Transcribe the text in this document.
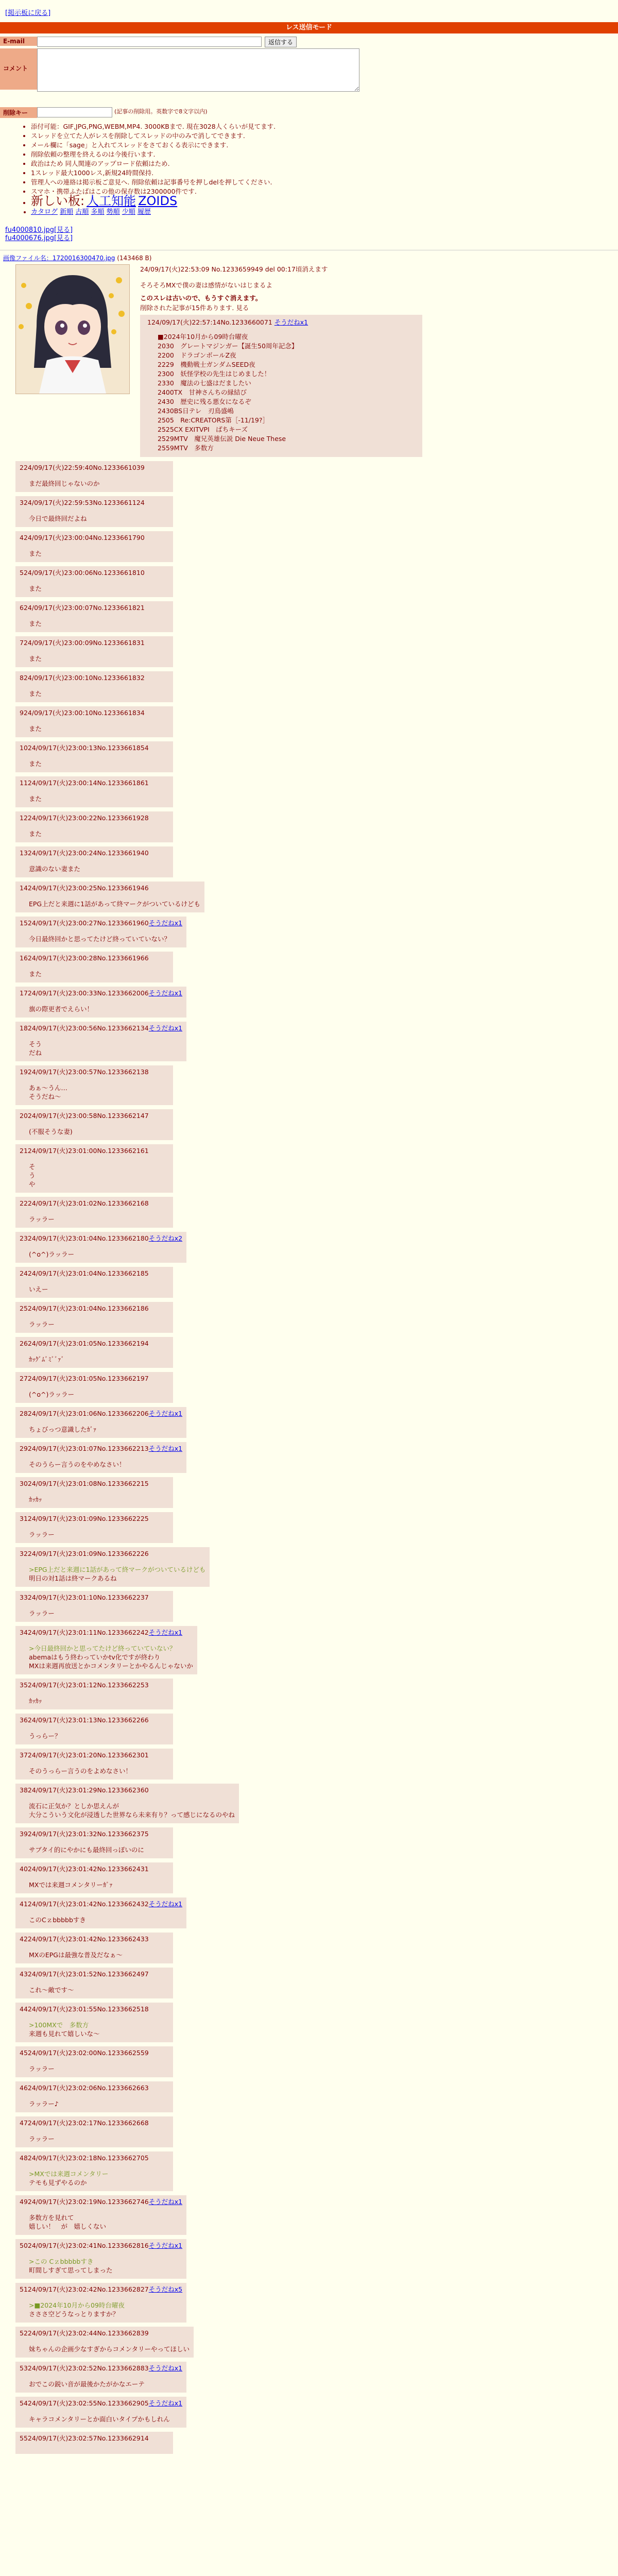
[掲示板に戻る]
レス送信モード
E-mail	返信する
コメント
削除キー	(記事の削除用。英数字で8文字以内)
• 添付可能：GIF,JPG,PNG,WEBM,MP4. 3000KBまで. 現在3028人くらいが見てます.
• スレッドを立てた人がレスを削除してスレッドの中のみで消してできます.
• メール欄に「sage」と入れてスレッドをさておくる表示にできます.
• 削除依頼の整理を終えるのは今後行います.
• 政治はため 同人関連のアップロード依頼はため.
• 1スレッド最大1000レス,新規24時間保持.
• 管理人への連絡は掲示板ご意見へ. 削除依頼は記事番号を押しdelを押してください.
• スマホ・携帯ふたばはこの他の保存数は2300000件です.
• 新しい板: 人工知能 ZOIDS
• カタログ 新順 古順 多順 勢順 少順 履歴
fu4000810.jpg[見る]
fu4000676.jpg[見る]
画像ファイル名：1720016300470.jpg (143468 B)
24/09/17(火)22:53:09 No.1233659949 del 00:17頃消えます
そろそろMXで僕の妻は感情がないはじまるよ
このスレは古いので、もうすぐ消えます。
削除された記事が15件あります. 見る
124/09/17(火)22:57:14No.1233660071 そうだねx1
■2024年10月から09時台曜夜
2030　グレートマジンガー【誕生50周年記念】
2200　ドラゴンボールZ夜
2229　機動戦士ガンダムSEED夜
2300　妖怪学校の先生はじめました！
2330　魔法の七盛はだましたい
2400TX　甘神さんちの縁結び
2430　歴史に残る悪女になるぞ
2430BS日テレ　刃鳥盛嶋
2505　Re:CREATORS第［-11/19?］
2525CX EXITVPI　ばちキーズ
2529MTV　魔兄英雄伝説 Die Neue These
2559MTV　多数方
224/09/17(火)22:59:40No.1233661039
まだ最終回じゃないのか
324/09/17(火)22:59:53No.1233661124
今日で最終回だよね
424/09/17(火)23:00:04No.1233661790
また
524/09/17(火)23:00:06No.1233661810
また
624/09/17(火)23:00:07No.1233661821
また
724/09/17(火)23:00:09No.1233661831
また
824/09/17(火)23:00:10No.1233661832
また
924/09/17(火)23:00:10No.1233661834
また
1024/09/17(火)23:00:13No.1233661854
また
1124/09/17(火)23:00:14No.1233661861
また
1224/09/17(火)23:00:22No.1233661928
また
1324/09/17(火)23:00:24No.1233661940
意識のない妻また
1424/09/17(火)23:00:25No.1233661946
EPG上だと来週に1話があって終マークがついているけども
1524/09/17(火)23:00:27No.1233661960そうだねx1
今日最終回かと思ってたけど終っていていない？
1624/09/17(火)23:00:28No.1233661966
また
1724/09/17(火)23:00:33No.1233662006そうだねx1
旗の際更者でえらい！
1824/09/17(火)23:00:56No.1233662134そうだねx1
そう
だね
1924/09/17(火)23:00:57No.1233662138
あぁ～うん…
そうだね～
2024/09/17(火)23:00:58No.1233662147
(不服そうな妻)
2124/09/17(火)23:01:00No.1233662161
そ
う
や
2224/09/17(火)23:01:02No.1233662168
ラッラー
2324/09/17(火)23:01:04No.1233662180そうだねx2
(^o^)ラッラー
2424/09/17(火)23:01:04No.1233662185
いえー
2524/09/17(火)23:01:04No.1233662186
ラッラー
2624/09/17(火)23:01:05No.1233662194
ｶｯｸﾞﾑﾞﾐﾞﾞｧﾞ
2724/09/17(火)23:01:05No.1233662197
(^o^)ラッラー
2824/09/17(火)23:01:06No.1233662206そうだねx1
ちょびっつ意識したｶﾞｧ
2924/09/17(火)23:01:07No.1233662213そうだねx1
そのうらー言うのをやめなさい！
3024/09/17(火)23:01:08No.1233662215
ｶｯｶｯ
3124/09/17(火)23:01:09No.1233662225
ラッラー
3224/09/17(火)23:01:09No.1233662226
>EPG上だと来週に1話があって終マークがついているけども
明日の対1話は終マークあるね
3324/09/17(火)23:01:10No.1233662237
ラッラー
3424/09/17(火)23:01:11No.1233662242そうだねx1
>今日最終回かと思ってたけど終っていていない？
abemaはもう終わっていかtv化ですが終わり
MXは来週再放送とかコメンタリーとかやるんじゃないか
3524/09/17(火)23:01:12No.1233662253
ｶｯｶｯ
3624/09/17(火)23:01:13No.1233662266
うっらー？
3724/09/17(火)23:01:20No.1233662301
そのうっらー言うのをよめなさい！
3824/09/17(火)23:01:29No.1233662360
流石に正気か？としか思えんが
大分こういう文化が浸透した世界なら未来有り？って感じになるのやね
3924/09/17(火)23:01:32No.1233662375
サブタイ的にやかにも最終回っぽいのに
4024/09/17(火)23:01:42No.1233662431
MXでは来週コメンタリーｶﾞｧ
4124/09/17(火)23:01:42No.1233662432そうだねx1
このCｚbbbbbすき
4224/09/17(火)23:01:42No.1233662433
MXのEPGは最強な普及だなぁ～
4324/09/17(火)23:01:52No.1233662497
これ～敵です～
4424/09/17(火)23:01:55No.1233662518
>100MXで　多数方
来週も見れて嬉しいな～
4524/09/17(火)23:02:00No.1233662559
ラッラー
4624/09/17(火)23:02:06No.1233662663
ラッラー♪
4724/09/17(火)23:02:17No.1233662668
ラッラー
4824/09/17(火)23:02:18No.1233662705
>MXでは来週コメンタリー
テモも見ずやるのか
4924/09/17(火)23:02:19No.1233662746そうだねx1
多数方を見れて
嬉しい！　が　嬉しくない
5024/09/17(火)23:02:41No.1233662816そうだねx1
>この Cｚbbbbbすき
町間しすぎて思ってしまった
5124/09/17(火)23:02:42No.1233662827そうだねx5
>■2024年10月から09時台曜夜
さささ空どうなっとりますか？
5224/09/17(火)23:02:44No.1233662839
妹ちゃんの企画少なすぎからコメンタリーやってほしい
5324/09/17(火)23:02:52No.1233662883そうだねx1
おでこの鋭い音が最後かたがかなエーテ
5424/09/17(火)23:02:55No.1233662905そうだねx1
キャラコメンタリーとか面白いタイプかもしれん
5524/09/17(火)23:02:57No.1233662914
